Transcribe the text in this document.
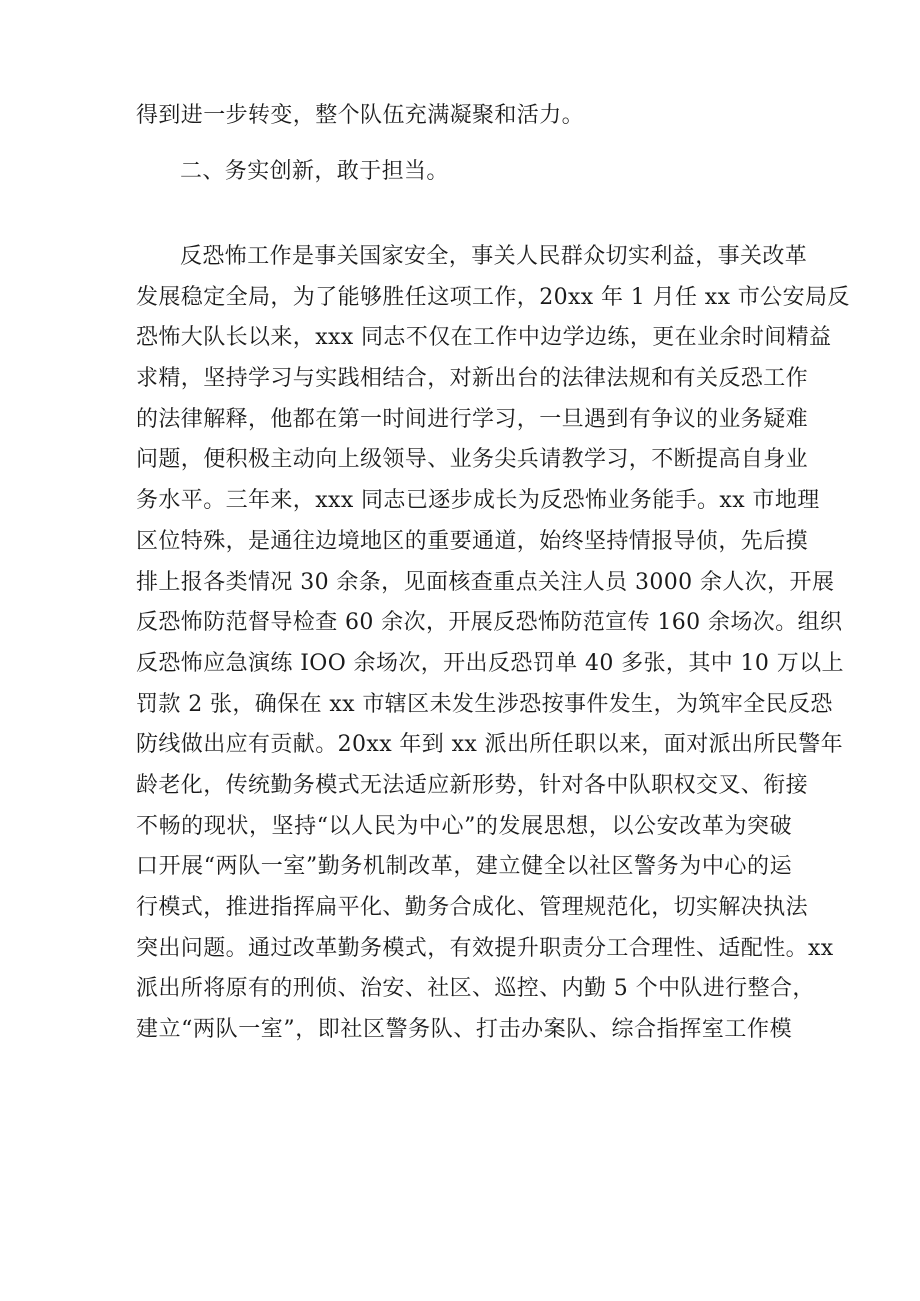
得到进一步转变，整个队伍充满凝聚和活力。
二、务实创新，敢于担当。
反恐怖工作是事关国家安全，事关人民群众切实利益，事关改革
发展稳定全局，为了能够胜任这项工作，20xx 年 1 月任 xx 市公安局反
恐怖大队长以来，xxx 同志不仅在工作中边学边练，更在业余时间精益
求精，坚持学习与实践相结合，对新出台的法律法规和有关反恐工作
的法律解释，他都在第一时间进行学习，一旦遇到有争议的业务疑难
问题，便积极主动向上级领导、业务尖兵请教学习，不断提高自身业
务水平。三年来，xxx 同志已逐步成长为反恐怖业务能手。xx 市地理
区位特殊，是通往边境地区的重要通道，始终坚持情报导侦，先后摸
排上报各类情况 30 余条，见面核查重点关注人员 3000 余人次，开展
反恐怖防范督导检查 60 余次，开展反恐怖防范宣传 160 余场次。组织
反恐怖应急演练 IOO 余场次，开出反恐罚单 40 多张，其中 10 万以上
罚款 2 张，确保在 xx 市辖区未发生涉恐按事件发生，为筑牢全民反恐
防线做出应有贡献。20xx 年到 xx 派出所任职以来，面对派出所民警年
龄老化，传统勤务模式无法适应新形势，针对各中队职权交叉、衔接
不畅的现状，坚持“以人民为中心”的发展思想，以公安改革为突破
口开展“两队一室”勤务机制改革，建立健全以社区警务为中心的运
行模式，推进指挥扁平化、勤务合成化、管理规范化，切实解决执法
突出问题。通过改革勤务模式，有效提升职责分工合理性、适配性。xx
派出所将原有的刑侦、治安、社区、巡控、内勤 5 个中队进行整合，
建立“两队一室”，即社区警务队、打击办案队、综合指挥室工作模
